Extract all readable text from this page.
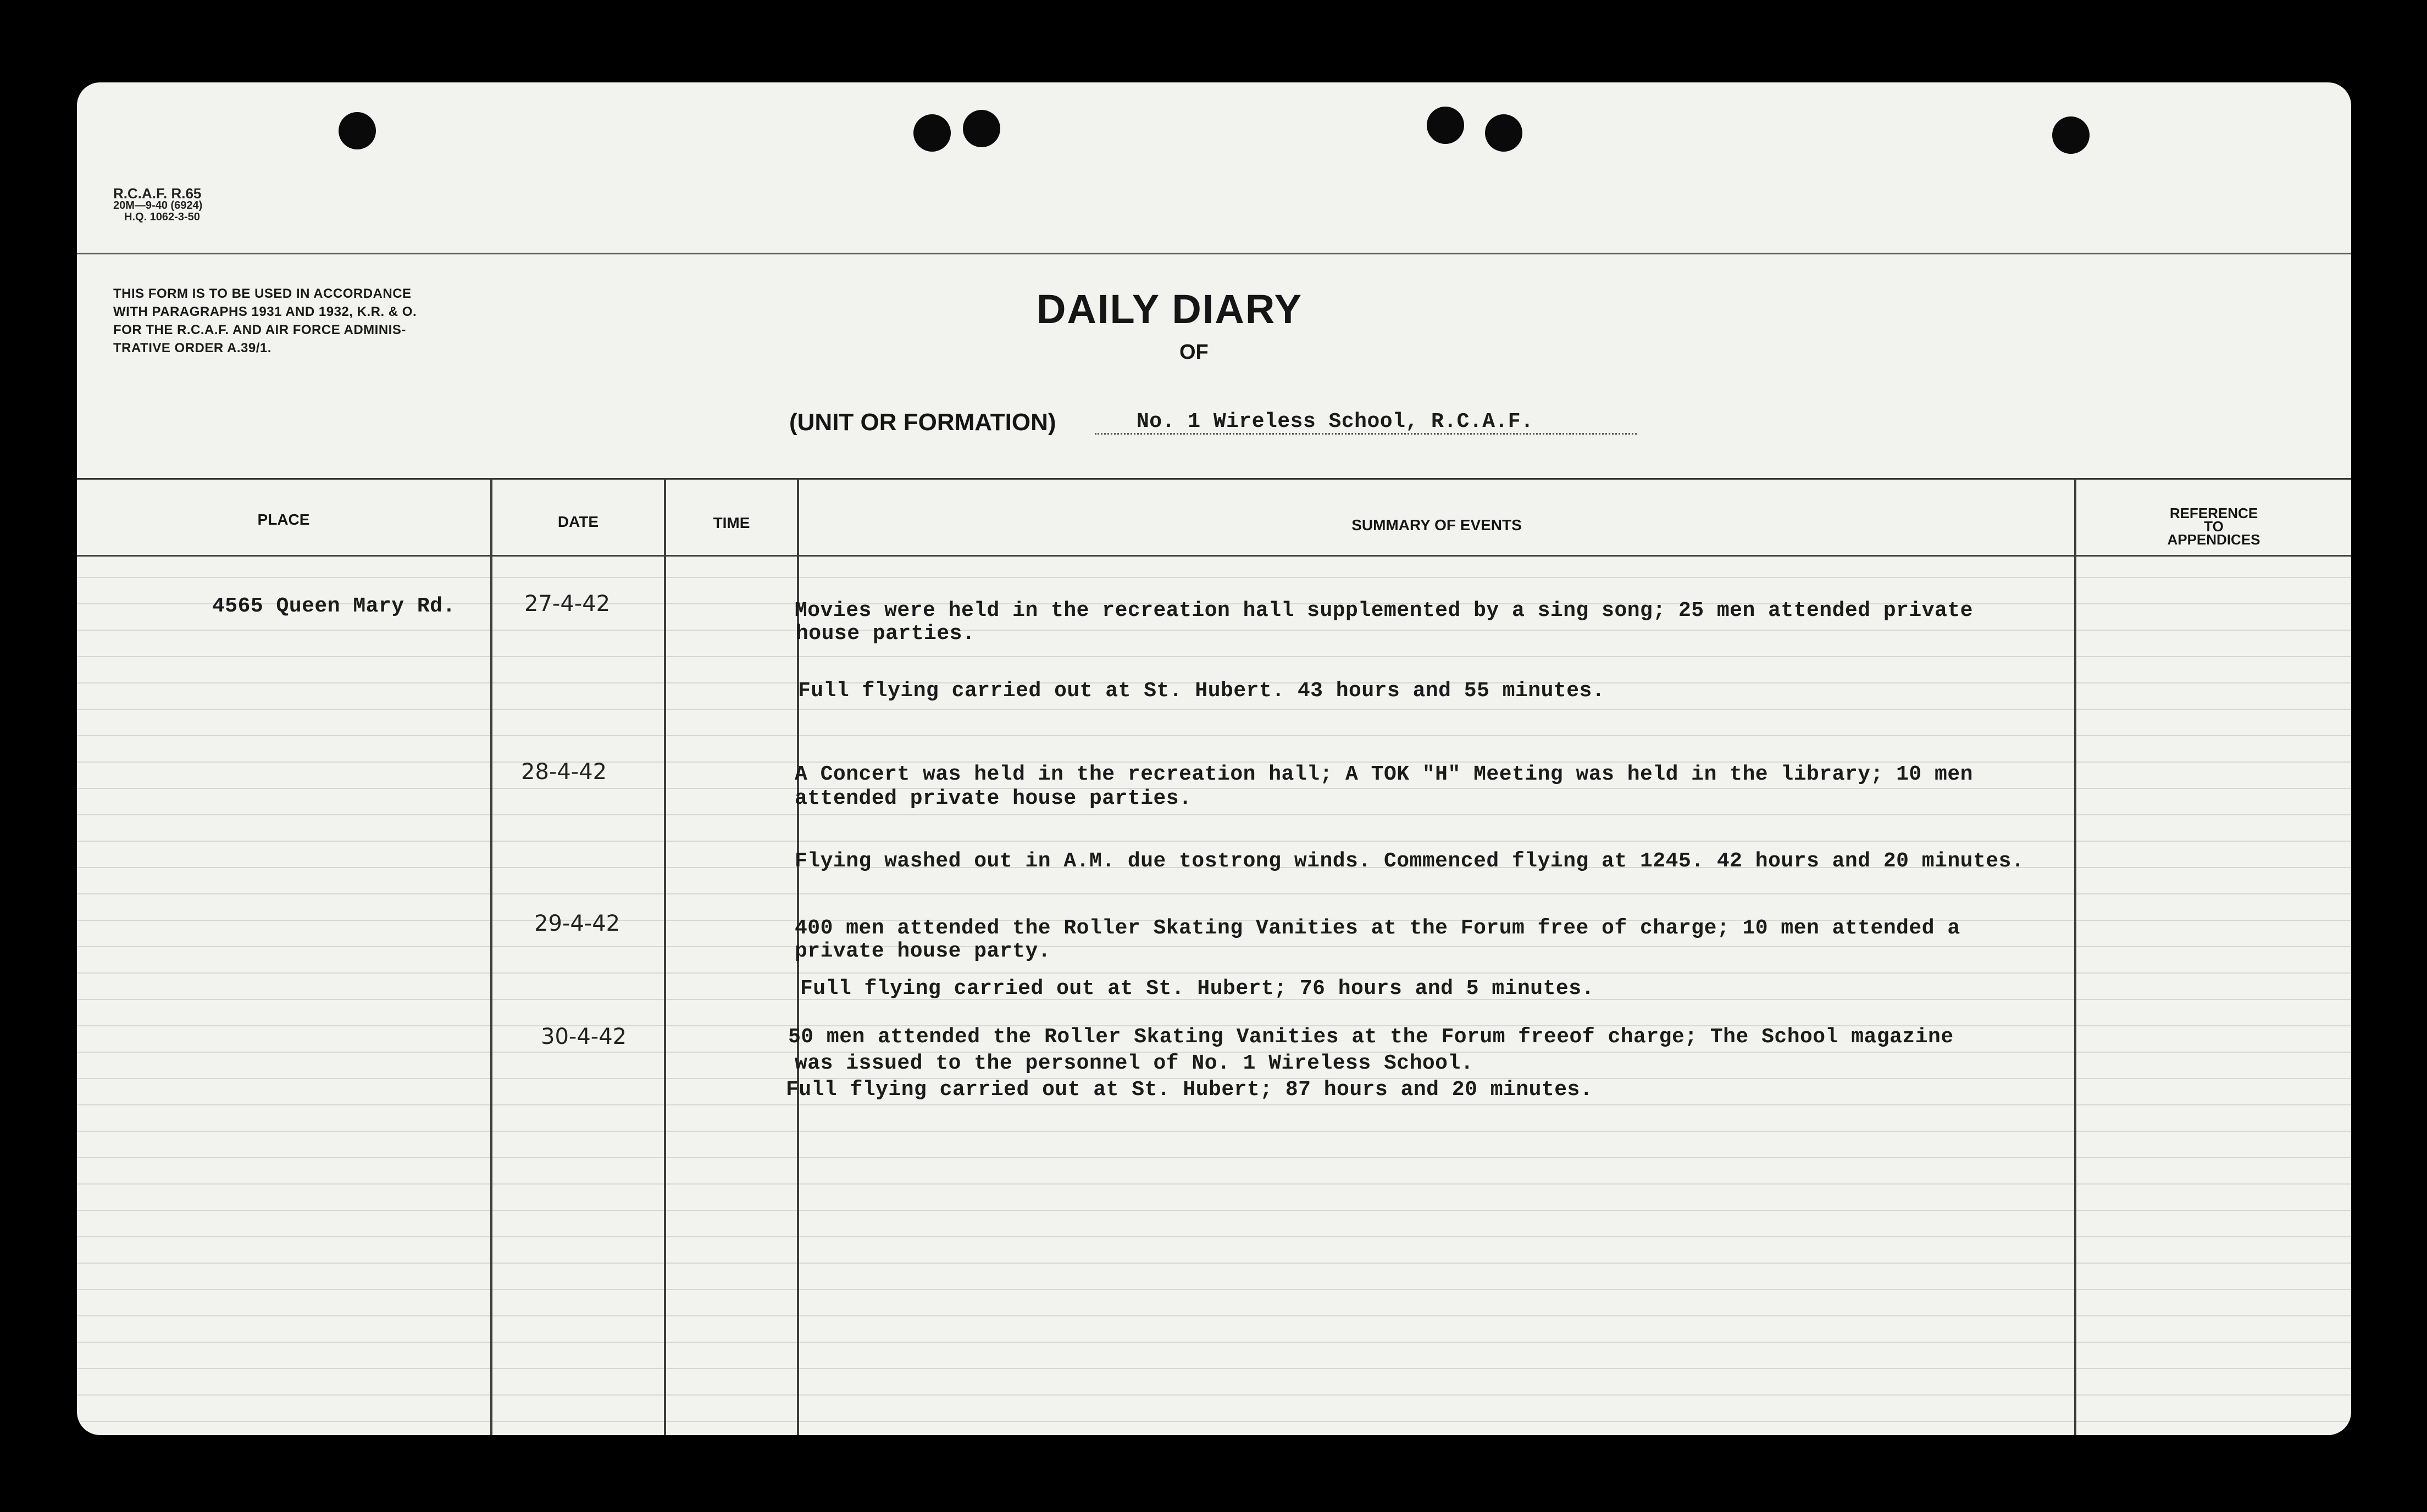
R.C.A.F. R.65
20M—9-40 (6924)
H.Q. 1062-3-50
THIS FORM IS TO BE USED IN ACCORDANCE
WITH PARAGRAPHS 1931 AND 1932, K.R. & O.
FOR THE R.C.A.F. AND AIR FORCE ADMINIS-
TRATIVE ORDER A.39/1.
DAILY DIARY
OF
(UNIT OR FORMATION)	No. 1 Wireless School, R.C.A.F.
PLACE	DATE	TIME	SUMMARY OF EVENTS
REFERENCE
TO
APPENDICES
4565 Queen Mary Rd.	27-4-42	Movies were held in the recreation hall supplemented by a sing song; 25 men attended private
house parties.
Full flying carried out at St. Hubert. 43 hours and 55 minutes.
28-4-42	A Concert was held in the recreation hall; A TOK "H" Meeting was held in the library; 10 men
attended private house parties.
Flying washed out in A.M. due tostrong winds. Commenced flying at 1245. 42 hours and 20 minutes.
29-4-42	400 men attended the Roller Skating Vanities at the Forum free of charge; 10 men attended a
private house party.
Full flying carried out at St. Hubert; 76 hours and 5 minutes.
30-4-42	50 men attended the Roller Skating Vanities at the Forum freeof charge; The School magazine
was issued to the personnel of No. 1 Wireless School.
Full flying carried out at St. Hubert; 87 hours and 20 minutes.
